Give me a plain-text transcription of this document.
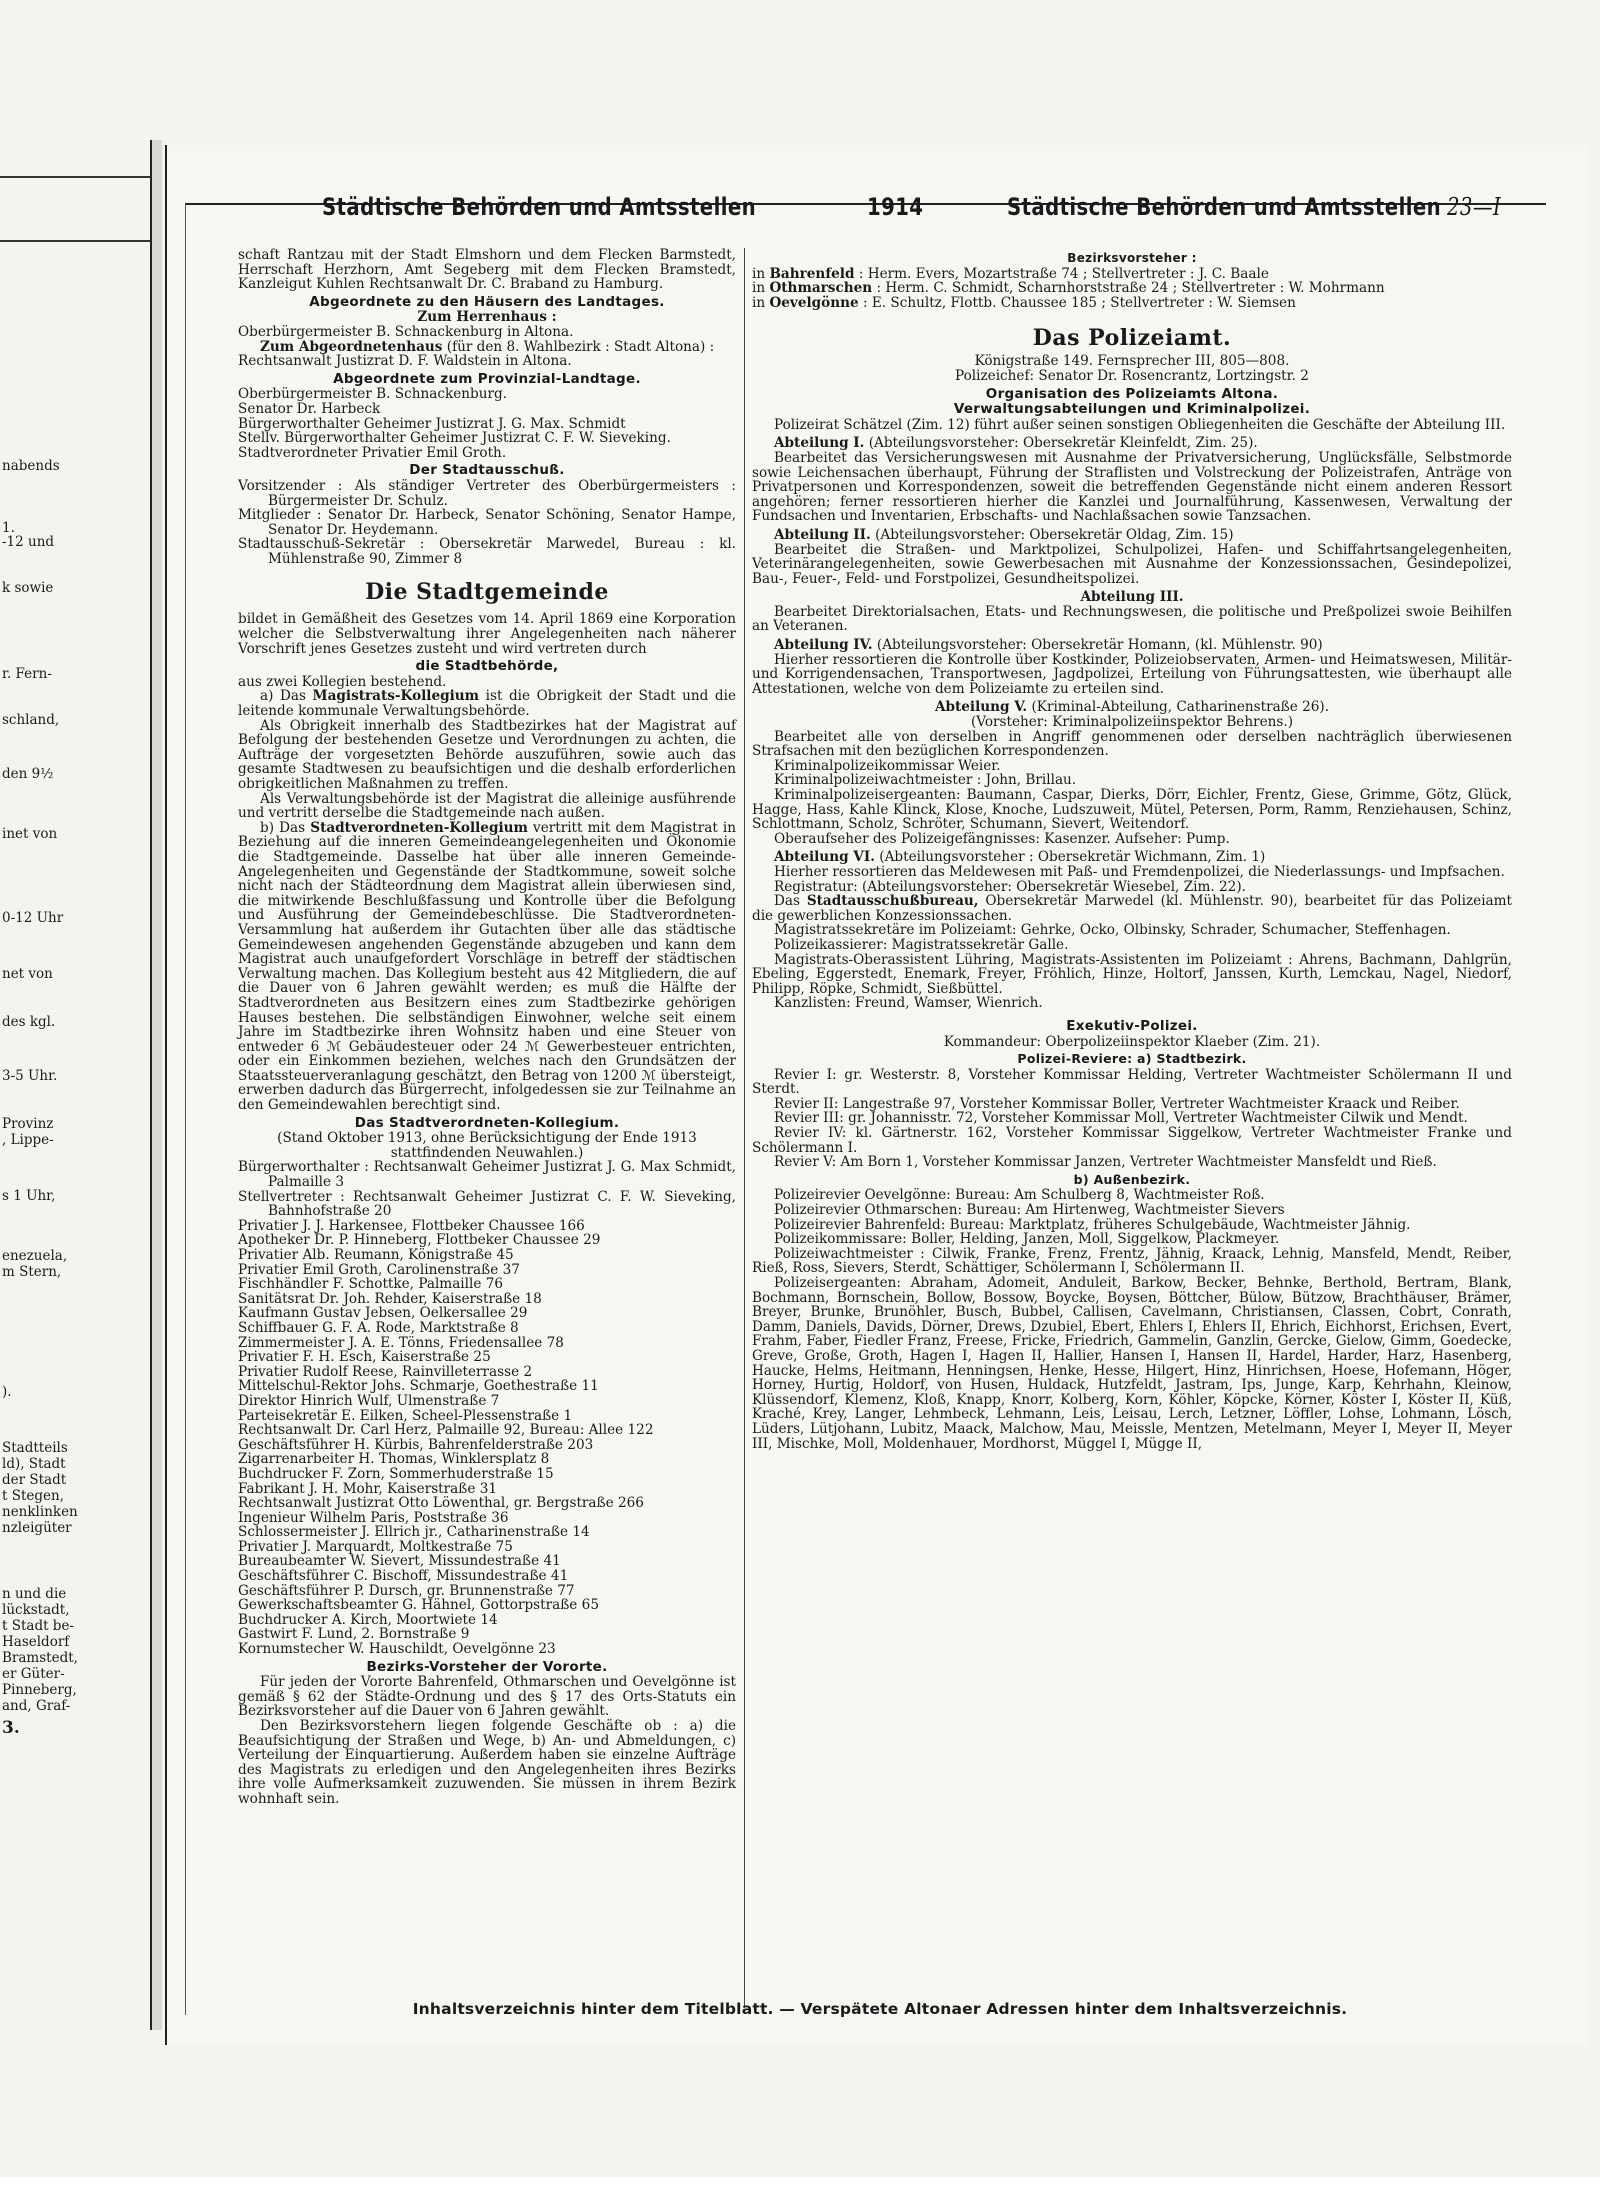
nabends
1.
-12 und
k sowie
r. Fern-
schland,
den 9½
inet von
0-12 Uhr
net von
des kgl.
3-5 Uhr.
Provinz
, Lippe-
s 1 Uhr,
enezuela,
m Stern,
).
Stadtteils
ld), Stadt
der Stadt
t Stegen,
nenklinken
nzleigüter
n und die
lückstadt,
t Stadt be-
Haseldorf
Bramstedt,
er Güter-
Pinneberg,
and, Graf-
3.
Städtische Behörden und Amtsstellen	1914	Städtische Behörden und Amtsstellen 23—I

schaft Rantzau mit der Stadt Elmshorn und dem Flecken Barmstedt, Herrschaft Herzhorn, Amt Segeberg mit dem Flecken Bramstedt, Kanzleigut Kuhlen Rechtsanwalt Dr. C. Braband zu Hamburg.

Abgeordnete zu den Häusern des Landtages.

Zum Herrenhaus :

Oberbürgermeister B. Schnackenburg in Altona.

Zum Abgeordnetenhaus (für den 8. Wahlbezirk : Stadt Altona) :

Rechtsanwalt Justizrat D. F. Waldstein in Altona.

Abgeordnete zum Provinzial-Landtage.

Oberbürgermeister B. Schnackenburg.

Senator Dr. Harbeck

Bürgerworthalter Geheimer Justizrat J. G. Max. Schmidt

Stellv. Bürgerworthalter Geheimer Justizrat C. F. W. Sieveking.

Stadtverordneter Privatier Emil Groth.

Der Stadtausschuß.

Vorsitzender : Als ständiger Vertreter des Oberbürgermeisters : Bürgermeister Dr. Schulz.

Mitglieder : Senator Dr. Harbeck, Senator Schöning, Senator Hampe, Senator Dr. Heydemann.

Stadtausschuß-Sekretär : Obersekretär Marwedel, Bureau : kl. Mühlenstraße 90, Zimmer 8

Die Stadtgemeinde

bildet in Gemäßheit des Gesetzes vom 14. April 1869 eine Korporation welcher die Selbstverwaltung ihrer Angelegenheiten nach näherer Vorschrift jenes Gesetzes zusteht und wird vertreten durch

die Stadtbehörde,

aus zwei Kollegien bestehend.

a) Das Magistrats-Kollegium ist die Obrigkeit der Stadt und die leitende kommunale Verwaltungsbehörde.

Als Obrigkeit innerhalb des Stadtbezirkes hat der Magistrat auf Befolgung der bestehenden Gesetze und Verordnungen zu achten, die Aufträge der vorgesetzten Behörde auszuführen, sowie auch das gesamte Stadtwesen zu beaufsichtigen und die deshalb erforderlichen obrigkeitlichen Maßnahmen zu treffen.

Als Verwaltungsbehörde ist der Magistrat die alleinige ausführende und vertritt derselbe die Stadtgemeinde nach außen.

b) Das Stadtverordneten-Kollegium vertritt mit dem Magistrat in Beziehung auf die inneren Gemeindeangelegenheiten und Ökonomie die Stadtgemeinde. Dasselbe hat über alle inneren Gemeinde-Angelegenheiten und Gegenstände der Stadtkommune, soweit solche nicht nach der Städteordnung dem Magistrat allein überwiesen sind, die mitwirkende Beschlußfassung und Kontrolle über die Befolgung und Ausführung der Gemeindebeschlüsse. Die Stadtverordneten-Versammlung hat außerdem ihr Gutachten über alle das städtische Gemeindewesen angehenden Gegenstände abzugeben und kann dem Magistrat auch unaufgefordert Vorschläge in betreff der städtischen Verwaltung machen. Das Kollegium besteht aus 42 Mitgliedern, die auf die Dauer von 6 Jahren gewählt werden; es muß die Hälfte der Stadtverordneten aus Besitzern eines zum Stadtbezirke gehörigen Hauses bestehen. Die selbständigen Einwohner, welche seit einem Jahre im Stadtbezirke ihren Wohnsitz haben und eine Steuer von entweder 6 ℳ Gebäudesteuer oder 24 ℳ Gewerbesteuer entrichten, oder ein Einkommen beziehen, welches nach den Grundsätzen der Staatssteuerveranlagung geschätzt, den Betrag von 1200 ℳ übersteigt, erwerben dadurch das Bürgerrecht, infolgedessen sie zur Teilnahme an den Gemeindewahlen berechtigt sind.

Das Stadtverordneten-Kollegium.

(Stand Oktober 1913, ohne Berücksichtigung der Ende 1913 stattfindenden Neuwahlen.)

Bürgerworthalter : Rechtsanwalt Geheimer Justizrat J. G. Max Schmidt, Palmaille 3

Stellvertreter : Rechtsanwalt Geheimer Justizrat C. F. W. Sieveking, Bahnhofstraße 20

Privatier J. J. Harkensee, Flottbeker Chaussee 166

Apotheker Dr. P. Hinneberg, Flottbeker Chaussee 29

Privatier Alb. Reumann, Königstraße 45

Privatier Emil Groth, Carolinenstraße 37

Fischhändler F. Schottke, Palmaille 76

Sanitätsrat Dr. Joh. Rehder, Kaiserstraße 18

Kaufmann Gustav Jebsen, Oelkersallee 29

Schiffbauer G. F. A. Rode, Marktstraße 8

Zimmermeister J. A. E. Tönns, Friedensallee 78

Privatier F. H. Esch, Kaiserstraße 25

Privatier Rudolf Reese, Rainvilleterrasse 2

Mittelschul-Rektor Johs. Schmarje, Goethestraße 11

Direktor Hinrich Wulf, Ulmenstraße 7

Parteisekretär E. Eilken, Scheel-Plessenstraße 1

Rechtsanwalt Dr. Carl Herz, Palmaille 92, Bureau: Allee 122

Geschäftsführer H. Kürbis, Bahrenfelderstraße 203

Zigarrenarbeiter H. Thomas, Winklersplatz 8

Buchdrucker F. Zorn, Sommerhuderstraße 15

Fabrikant J. H. Mohr, Kaiserstraße 31

Rechtsanwalt Justizrat Otto Löwenthal, gr. Bergstraße 266

Ingenieur Wilhelm Paris, Poststraße 36

Schlossermeister J. Ellrich jr., Catharinenstraße 14

Privatier J. Marquardt, Moltkestraße 75

Bureaubeamter W. Sievert, Missundestraße 41

Geschäftsführer C. Bischoff, Missundestraße 41

Geschäftsführer P. Dursch, gr. Brunnenstraße 77

Gewerkschaftsbeamter G. Hähnel, Gottorpstraße 65

Buchdrucker A. Kirch, Moortwiete 14

Gastwirt F. Lund, 2. Bornstraße 9

Kornumstecher W. Hauschildt, Oevelgönne 23

Bezirks-Vorsteher der Vororte.

Für jeden der Vororte Bahrenfeld, Othmarschen und Oevelgönne ist gemäß § 62 der Städte-Ordnung und des § 17 des Orts-Statuts ein Bezirksvorsteher auf die Dauer von 6 Jahren gewählt.

Den Bezirksvorstehern liegen folgende Geschäfte ob : a) die Beaufsichtigung der Straßen und Wege, b) An- und Abmeldungen, c) Verteilung der Einquartierung. Außerdem haben sie einzelne Aufträge des Magistrats zu erledigen und den Angelegenheiten ihres Bezirks ihre volle Aufmerksamkeit zuzuwenden. Sie müssen in ihrem Bezirk wohnhaft sein.

Bezirksvorsteher :

in Bahrenfeld : Herm. Evers, Mozartstraße 74 ; Stellvertreter : J. C. Baale

in Othmarschen : Herm. C. Schmidt, Scharnhorststraße 24 ; Stellvertreter : W. Mohrmann

in Oevelgönne : E. Schultz, Flottb. Chaussee 185 ; Stellvertreter : W. Siemsen

Das Polizeiamt.

Königstraße 149. Fernsprecher III, 805—808.

Polizeichef: Senator Dr. Rosencrantz, Lortzingstr. 2

Organisation des Polizeiamts Altona.
Verwaltungsabteilungen und Kriminalpolizei.

Polizeirat Schätzel (Zim. 12) führt außer seinen sonstigen Obliegenheiten die Geschäfte der Abteilung III.

Abteilung I. (Abteilungsvorsteher: Obersekretär Kleinfeldt, Zim. 25).

Bearbeitet das Versicherungswesen mit Ausnahme der Privatversicherung, Unglücksfälle, Selbstmorde sowie Leichensachen überhaupt, Führung der Straflisten und Volstreckung der Polizeistrafen, Anträge von Privatpersonen und Korrespondenzen, soweit die betreffenden Gegenstände nicht einem anderen Ressort angehören; ferner ressortieren hierher die Kanzlei und Journalführung, Kassenwesen, Verwaltung der Fundsachen und Inventarien, Erbschafts- und Nachlaßsachen sowie Tanzsachen.

Abteilung II. (Abteilungsvorsteher: Obersekretär Oldag, Zim. 15)

Bearbeitet die Straßen- und Marktpolizei, Schulpolizei, Hafen- und Schiffahrtsangelegenheiten, Veterinärangelegenheiten, sowie Gewerbesachen mit Ausnahme der Konzessionssachen, Gesindepolizei, Bau-, Feuer-, Feld- und Forstpolizei, Gesundheitspolizei.

Abteilung III.

Bearbeitet Direktorialsachen, Etats- und Rechnungswesen, die politische und Preßpolizei swoie Beihilfen an Veteranen.

Abteilung IV. (Abteilungsvorsteher: Obersekretär Homann, (kl. Mühlenstr. 90)

Hierher ressortieren die Kontrolle über Kostkinder, Polizeiobservaten, Armen- und Heimatswesen, Militär- und Korrigendensachen, Transportwesen, Jagdpolizei, Erteilung von Führungsattesten, wie überhaupt alle Attestationen, welche von dem Polizeiamte zu erteilen sind.

Abteilung V. (Kriminal-Abteilung, Catharinenstraße 26).

(Vorsteher: Kriminalpolizeiinspektor Behrens.)

Bearbeitet alle von derselben in Angriff genommenen oder derselben nachträglich überwiesenen Strafsachen mit den bezüglichen Korrespondenzen.

Kriminalpolizeikommissar Weier.

Kriminalpolizeiwachtmeister : John, Brillau.

Kriminalpolizeisergeanten: Baumann, Caspar, Dierks, Dörr, Eichler, Frentz, Giese, Grimme, Götz, Glück, Hagge, Hass, Kahle Klinck, Klose, Knoche, Ludszuweit, Mütel, Petersen, Porm, Ramm, Renziehausen, Schinz, Schlottmann, Scholz, Schröter, Schumann, Sievert, Weitendorf.

Oberaufseher des Polizeigefängnisses: Kasenzer. Aufseher: Pump.

Abteilung VI. (Abteilungsvorsteher : Obersekretär Wichmann, Zim. 1)

Hierher ressortieren das Meldewesen mit Paß- und Fremdenpolizei, die Niederlassungs- und Impfsachen.

Registratur: (Abteilungsvorsteher: Obersekretär Wiesebel, Zim. 22).

Das Stadtausschußbureau, Obersekretär Marwedel (kl. Mühlenstr. 90), bearbeitet für das Polizeiamt die gewerblichen Konzessionssachen.

Magistratssekretäre im Polizeiamt: Gehrke, Ocko, Olbinsky, Schrader, Schumacher, Steffenhagen.

Polizeikassierer: Magistratssekretär Galle.

Magistrats-Oberassistent Lühring, Magistrats-Assistenten im Polizeiamt : Ahrens, Bachmann, Dahlgrün, Ebeling, Eggerstedt, Enemark, Freyer, Fröhlich, Hinze, Holtorf, Janssen, Kurth, Lemckau, Nagel, Niedorf, Philipp, Röpke, Schmidt, Sießbüttel.

Kanzlisten: Freund, Wamser, Wienrich.

Exekutiv-Polizei.

Kommandeur: Oberpolizeiinspektor Klaeber (Zim. 21).

Polizei-Reviere: a) Stadtbezirk.

Revier I: gr. Westerstr. 8, Vorsteher Kommissar Helding, Vertreter Wachtmeister Schölermann II und Sterdt.

Revier II: Langestraße 97, Vorsteher Kommissar Boller, Vertreter Wachtmeister Kraack und Reiber.

Revier III: gr. Johannisstr. 72, Vorsteher Kommissar Moll, Vertreter Wachtmeister Cilwik und Mendt.

Revier IV: kl. Gärtnerstr. 162, Vorsteher Kommissar Siggelkow, Vertreter Wachtmeister Franke und Schölermann I.

Revier V: Am Born 1, Vorsteher Kommissar Janzen, Vertreter Wachtmeister Mansfeldt und Rieß.

b) Außenbezirk.

Polizeirevier Oevelgönne: Bureau: Am Schulberg 8, Wachtmeister Roß.

Polizeirevier Othmarschen: Bureau: Am Hirtenweg, Wachtmeister Sievers

Polizeirevier Bahrenfeld: Bureau: Marktplatz, früheres Schulgebäude, Wachtmeister Jähnig.

Polizeikommissare: Boller, Helding, Janzen, Moll, Siggelkow, Plackmeyer.

Polizeiwachtmeister : Cilwik, Franke, Frenz, Frentz, Jähnig, Kraack, Lehnig, Mansfeld, Mendt, Reiber, Rieß, Ross, Sievers, Sterdt, Schättiger, Schölermann I, Schölermann II.

Polizeisergeanten: Abraham, Adomeit, Anduleit, Barkow, Becker, Behnke, Berthold, Bertram, Blank, Bochmann, Bornschein, Bollow, Bossow, Boycke, Boysen, Böttcher, Bülow, Bützow, Brachthäuser, Brämer, Breyer, Brunke, Brunöhler, Busch, Bubbel, Callisen, Cavelmann, Christiansen, Classen, Cobrt, Conrath, Damm, Daniels, Davids, Dörner, Drews, Dzubiel, Ebert, Ehlers I, Ehlers II, Ehrich, Eichhorst, Erichsen, Evert, Frahm, Faber, Fiedler Franz, Freese, Fricke, Friedrich, Gammelin, Ganzlin, Gercke, Gielow, Gimm, Goedecke, Greve, Große, Groth, Hagen I, Hagen II, Hallier, Hansen I, Hansen II, Hardel, Harder, Harz, Hasenberg, Haucke, Helms, Heitmann, Henningsen, Henke, Hesse, Hilgert, Hinz, Hinrichsen, Hoese, Hofemann, Höger, Horney, Hurtig, Holdorf, von Husen, Huldack, Hutzfeldt, Jastram, Ips, Junge, Karp, Kehrhahn, Kleinow, Klüssendorf, Klemenz, Kloß, Knapp, Knorr, Kolberg, Korn, Köhler, Köpcke, Körner, Köster I, Köster II, Küß, Kraché, Krey, Langer, Lehmbeck, Lehmann, Leis, Leisau, Lerch, Letzner, Löffler, Lohse, Lohmann, Lösch, Lüders, Lütjohann, Lubitz, Maack, Malchow, Mau, Meissle, Mentzen, Metelmann, Meyer I, Meyer II, Meyer III, Mischke, Moll, Moldenhauer, Mordhorst, Müggel I, Mügge II,

Inhaltsverzeichnis hinter dem Titelblatt. — Verspätete Altonaer Adressen hinter dem Inhaltsverzeichnis.
